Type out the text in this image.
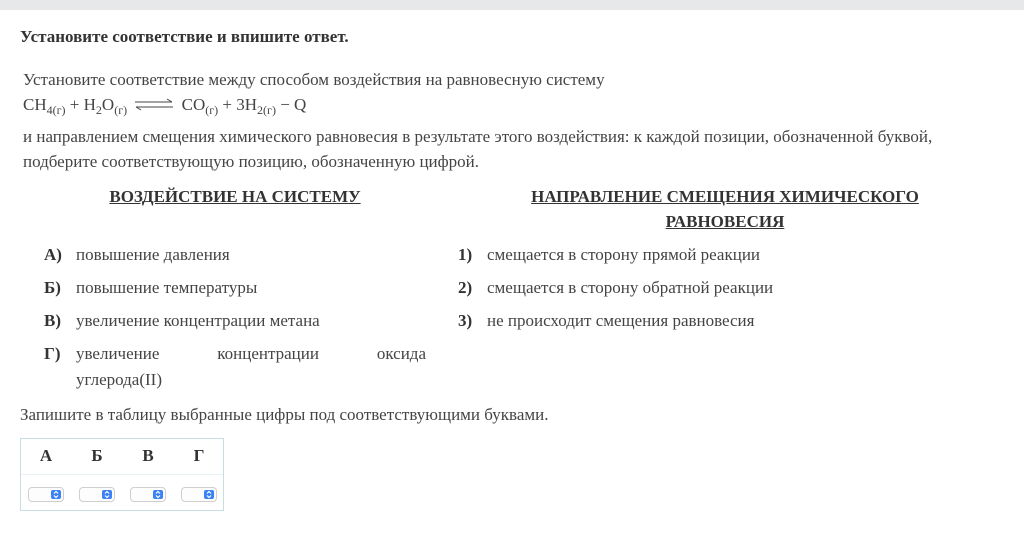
Установите соответствие и впишите ответ.
Установите соответствие между способом воздействия на равновесную систему
$CH_{4(г)} + H_2O_{(г)}$ ⇌ $CO_{(г)} + 3H_{2(г)} - Q$
и направлением смещения химического равновесия в результате этого воздействия: к каждой позиции, обозначенной буквой,
подберите соответствующую позицию, обозначенную цифрой.
ВОЗДЕЙСТВИЕ НА СИСТЕМУ	НАПРАВЛЕНИЕ СМЕЩЕНИЯ ХИМИЧЕСКОГО
РАВНОВЕСИЯ
А) повышение давления
Б) повышение температуры
В) увеличение концентрации метана
Г) увеличение концентрации оксида
углерода(II)
1) смещается в сторону прямой реакции
2) смещается в сторону обратной реакции
3) не происходит смещения равновесия
Запишите в таблицу выбранные цифры под соответствующими буквами.
А	Б	В	Г
